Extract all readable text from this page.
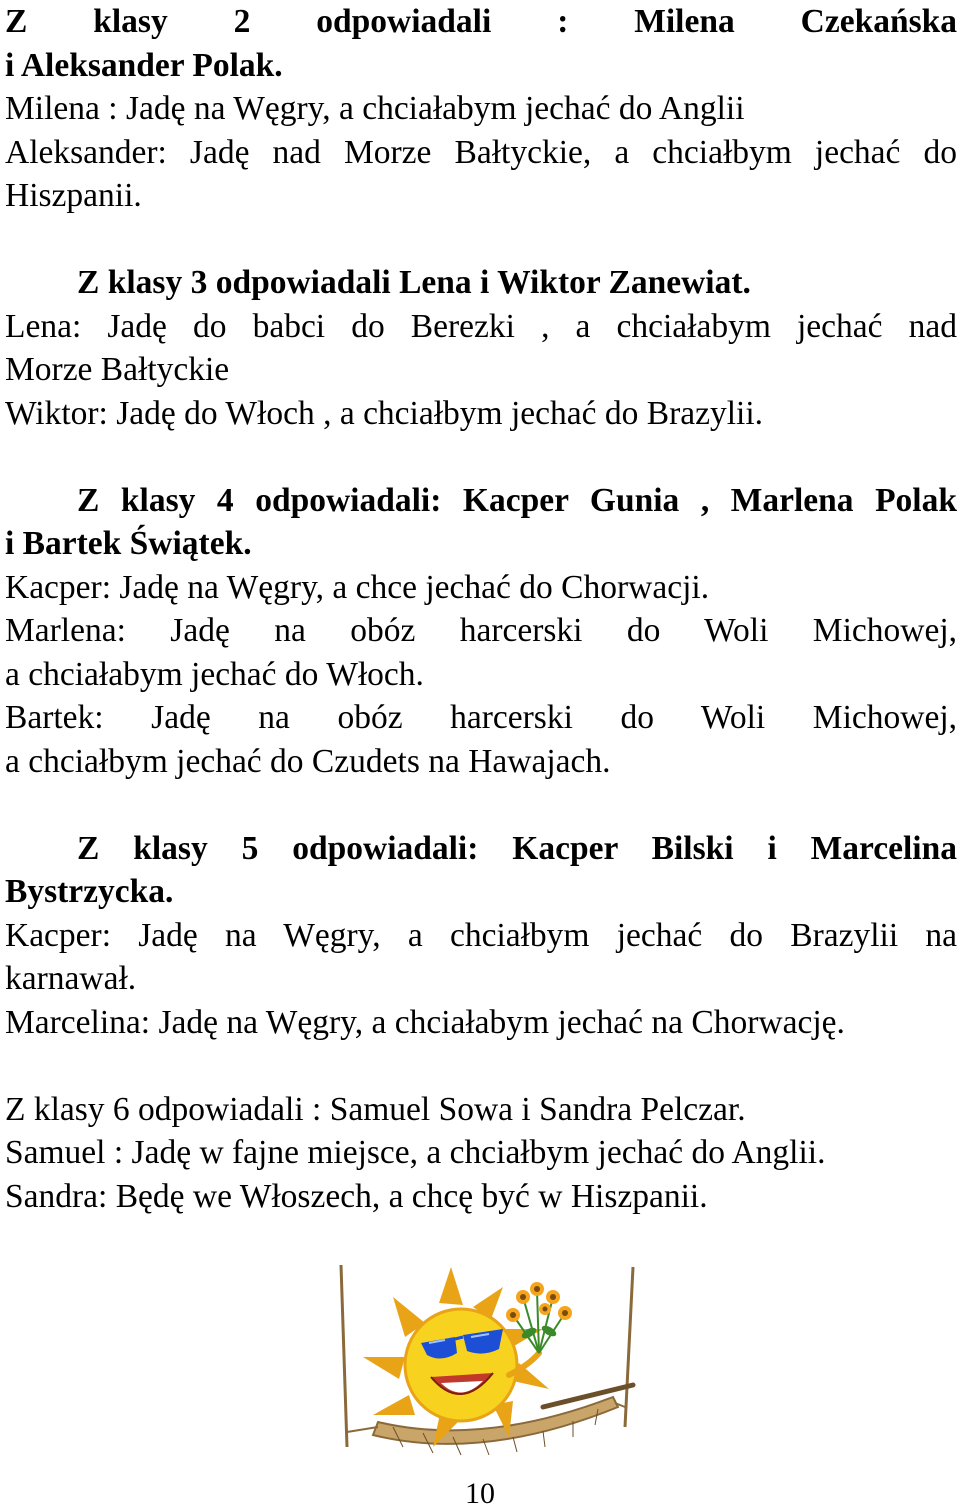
Z klasy 2 odpowiadali : Milena Czekańska

i Aleksander Polak.

Milena : Jadę na Węgry, a chciałabym jechać do Anglii

Aleksander: Jadę nad Morze Bałtyckie, a chciałbym jechać do

Hiszpanii.

Z klasy 3 odpowiadali Lena i Wiktor Zanewiat.

Lena: Jadę do babci do Berezki , a chciałabym jechać nad

Morze Bałtyckie

Wiktor: Jadę do Włoch , a chciałbym jechać do Brazylii.

Z klasy 4 odpowiadali: Kacper Gunia , Marlena Polak

i Bartek Świątek.

Kacper: Jadę na Węgry, a chce jechać do Chorwacji.

Marlena: Jadę na obóz harcerski do Woli Michowej,

a chciałabym jechać do Włoch.

Bartek: Jadę na obóz harcerski do Woli Michowej,

a chciałbym jechać do Czudets na Hawajach.

Z klasy 5 odpowiadali: Kacper Bilski i Marcelina

Bystrzycka.

Kacper: Jadę na Węgry, a chciałbym jechać do Brazylii na

karnawał.

Marcelina: Jadę na Węgry, a chciałabym jechać na Chorwację.

Z klasy 6 odpowiadali : Samuel Sowa i Sandra Pelczar.

Samuel : Jadę w fajne miejsce, a chciałbym jechać do Anglii.

Sandra: Będę we Włoszech, a chcę być w Hiszpanii.

10
